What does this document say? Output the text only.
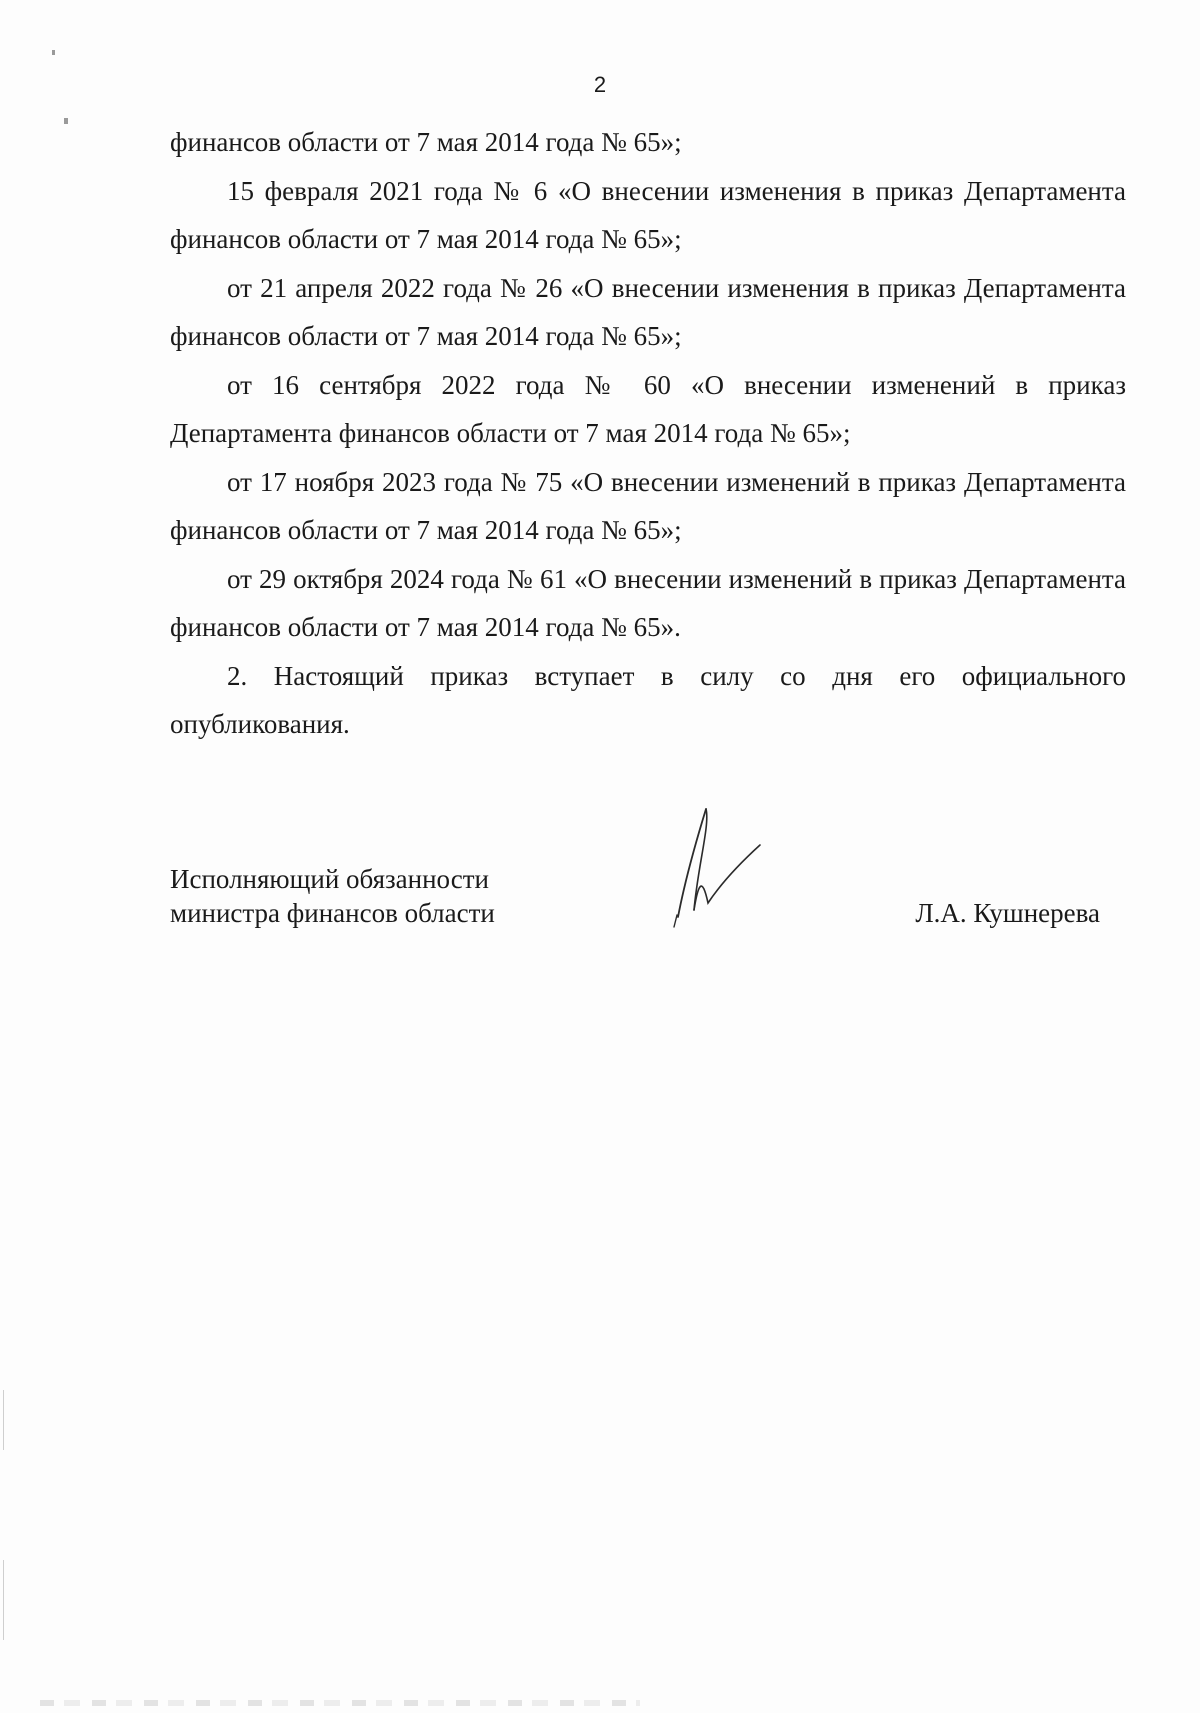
2

финансов области от 7 мая 2014 года № 65»;

15 февраля 2021 года № 6 «О внесении изменения в приказ Департамента финансов области от 7 мая 2014 года № 65»;

от 21 апреля 2022 года № 26 «О внесении изменения в приказ Департамента финансов области от 7 мая 2014 года № 65»;

от 16 сентября 2022 года № 60 «О внесении изменений в приказ Департамента финансов области от 7 мая 2014 года № 65»;

от 17 ноября 2023 года № 75 «О внесении изменений в приказ Департамента финансов области от 7 мая 2014 года № 65»;

от 29 октября 2024 года № 61 «О внесении изменений в приказ Департамента финансов области от 7 мая 2014 года № 65».

2. Настоящий приказ вступает в силу со дня его официального опубликования.

Исполняющий обязанности
министра финансов области	Л.А. Кушнерева
